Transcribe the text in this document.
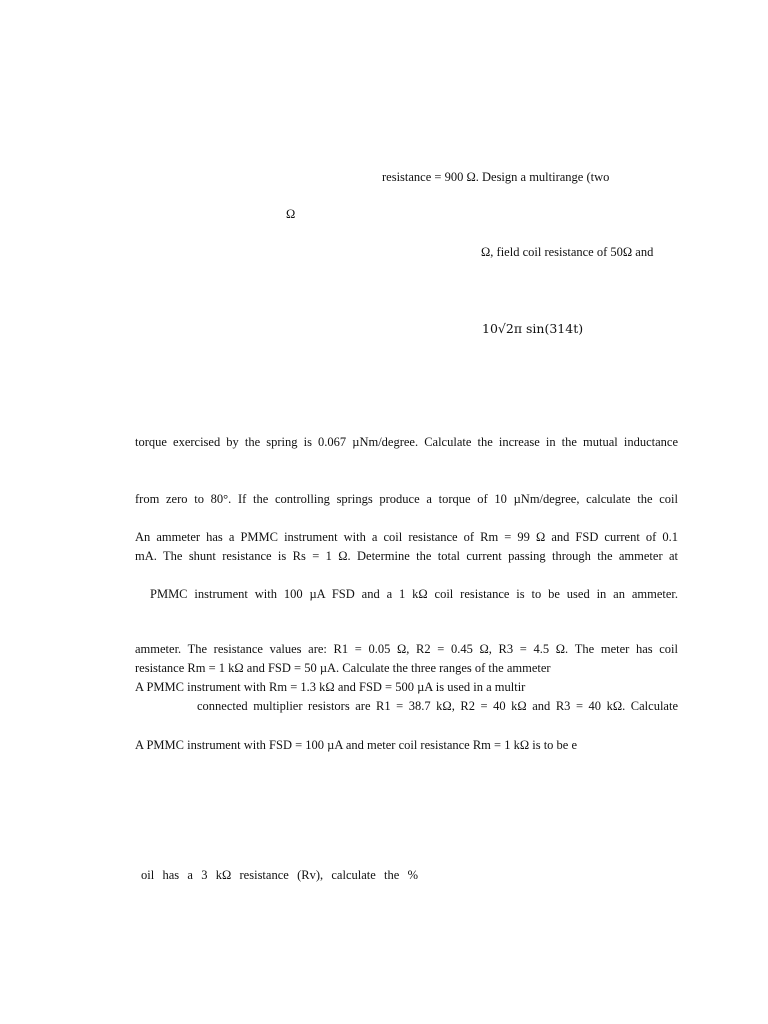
resistance = 900 Ω. Design a multirange (two
Ω
Ω, field coil resistance of 50Ω and
10√2π sin(314t)
torque exercised by the spring is 0.067 µNm/degree. Calculate the increase in the mutual inductance
from zero to 80°. If the controlling springs produce a torque of 10 µNm/degree, calculate the coil
An ammeter has a PMMC instrument with a coil resistance of Rm = 99 Ω and FSD current of 0.1
mA. The shunt resistance is Rs = 1 Ω. Determine the total current passing through the ammeter at
PMMC instrument with 100 µA FSD and a 1 kΩ coil resistance is to be used in an ammeter.
ammeter. The resistance values are: R1 = 0.05 Ω, R2 = 0.45 Ω, R3 = 4.5 Ω. The meter has coil
resistance Rm = 1 kΩ and FSD = 50 µA. Calculate the three ranges of the ammeter
A PMMC instrument with Rm = 1.3 kΩ and FSD = 500 µA is used in a multir
connected multiplier resistors are R1 = 38.7 kΩ, R2 = 40 kΩ and R3 = 40 kΩ. Calculate
A PMMC instrument with FSD = 100 µA and meter coil resistance Rm = 1 kΩ is to be e
oil has a 3 kΩ resistance (Rv), calculate the %
